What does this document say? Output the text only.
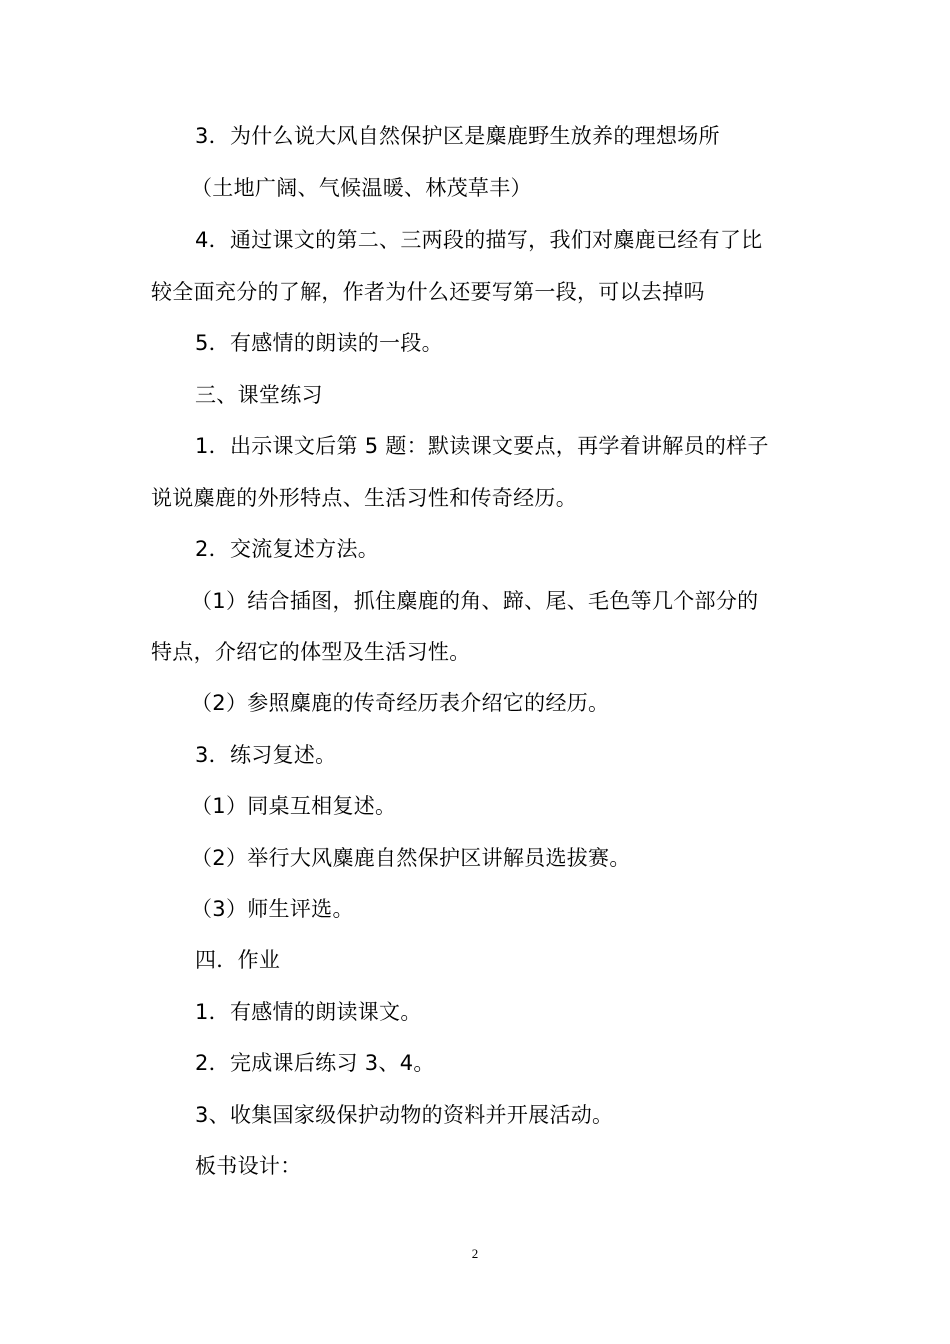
3．为什么说大风自然保护区是麋鹿野生放养的理想场所
（土地广阔、气候温暖、林茂草丰）
4．通过课文的第二、三两段的描写，我们对麋鹿已经有了比
较全面充分的了解，作者为什么还要写第一段，可以去掉吗
5．有感情的朗读的一段。
三、课堂练习
1．出示课文后第 5 题：默读课文要点，再学着讲解员的样子
说说麋鹿的外形特点、生活习性和传奇经历。
2．交流复述方法。
（1）结合插图，抓住麋鹿的角、蹄、尾、毛色等几个部分的
特点，介绍它的体型及生活习性。
（2）参照麋鹿的传奇经历表介绍它的经历。
3．练习复述。
（1）同桌互相复述。
（2）举行大风麋鹿自然保护区讲解员选拔赛。
（3）师生评选。
四．作业
1．有感情的朗读课文。
2．完成课后练习 3、4。
3、收集国家级保护动物的资料并开展活动。
板书设计：
2
